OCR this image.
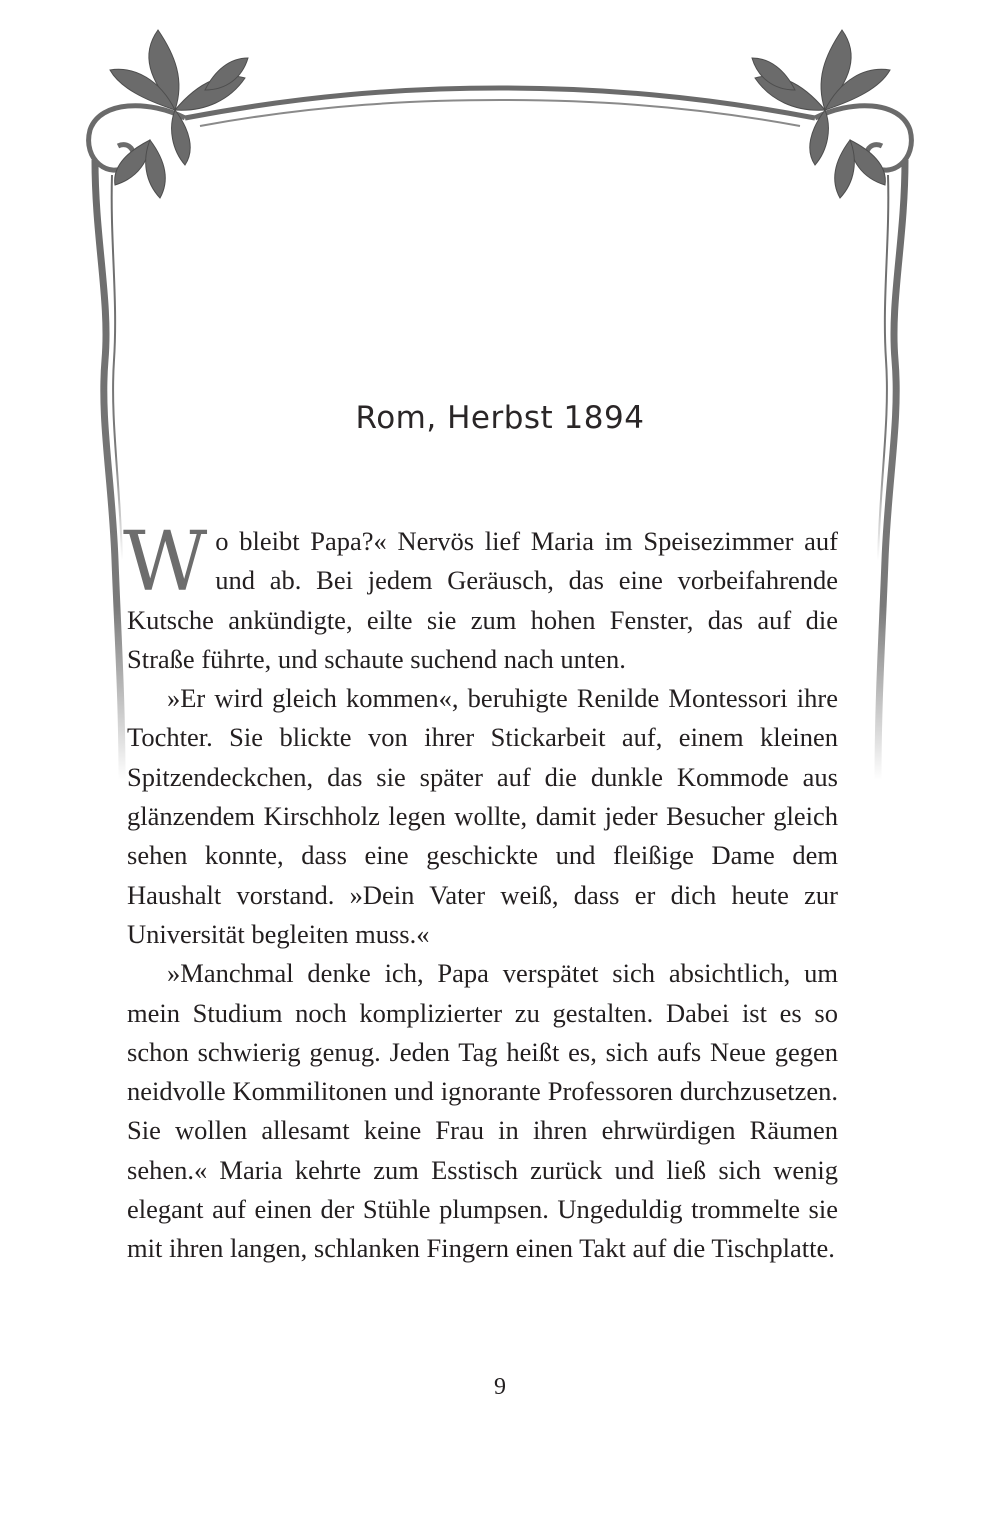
Rom, Herbst 1894

Wo bleibt Papa?« Nervös lief Maria im Speisezimmer auf und ab. Bei jedem Geräusch, das eine vorbeifahrende Kutsche ankündigte, eilte sie zum hohen Fenster, das auf die Straße führte, und schaute suchend nach unten.

»Er wird gleich kommen«, beruhigte Renilde Montessori ihre Tochter. Sie blickte von ihrer Stickarbeit auf, einem kleinen Spitzendeckchen, das sie später auf die dunkle Kommode aus glänzendem Kirschholz legen wollte, damit jeder Besucher gleich sehen konnte, dass eine geschickte und fleißige Dame dem Haushalt vorstand. »Dein Vater weiß, dass er dich heute zur Universität begleiten muss.«

»Manchmal denke ich, Papa verspätet sich absichtlich, um mein Studium noch komplizierter zu gestalten. Dabei ist es so schon schwierig genug. Jeden Tag heißt es, sich aufs Neue gegen neidvolle Kommilitonen und ignorante Professoren durchzusetzen. Sie wollen allesamt keine Frau in ihren ehrwürdigen Räumen sehen.« Maria kehrte zum Esstisch zurück und ließ sich wenig elegant auf einen der Stühle plumpsen. Ungeduldig trommelte sie mit ihren langen, schlanken Fingern einen Takt auf die Tischplatte.

9
